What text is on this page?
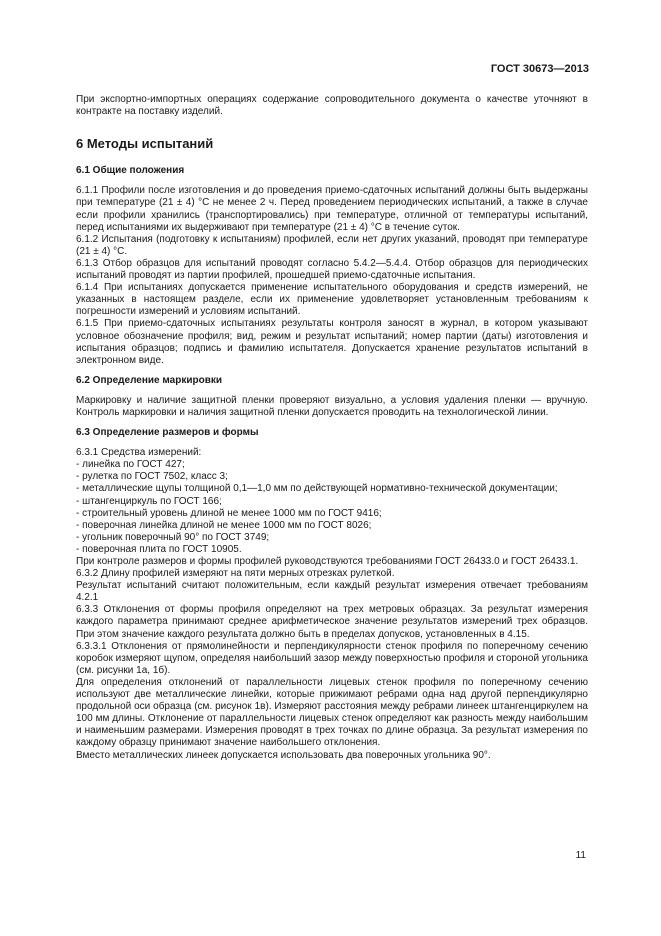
ГОСТ 30673—2013

При экспортно-импортных операциях содержание сопроводительного документа о качестве уточняют в контракте на поставку изделий.

6 Методы испытаний
6.1 Общие положения

6.1.1 Профили после изготовления и до проведения приемо-сдаточных испытаний должны быть выдержаны при температуре (21 ± 4) °С не менее 2 ч. Перед проведением периодических испытаний, а также в случае если профили хранились (транспортировались) при температуре, отличной от температуры испытаний, перед испытаниями их выдерживают при температуре (21 ± 4) °С в течение суток.

6.1.2 Испытания (подготовку к испытаниям) профилей, если нет других указаний, проводят при температуре (21 ± 4) °С.

6.1.3 Отбор образцов для испытаний проводят согласно 5.4.2—5.4.4. Отбор образцов для периодических испытаний проводят из партии профилей, прошедшей приемо-сдаточные испытания.

6.1.4 При испытаниях допускается применение испытательного оборудования и средств измерений, не указанных в настоящем разделе, если их применение удовлетворяет установленным требованиям к погрешности измерений и условиям испытаний.

6.1.5 При приемо-сдаточных испытаниях результаты контроля заносят в журнал, в котором указывают условное обозначение профиля; вид, режим и результат испытаний; номер партии (даты) изготовления и испытания образцов; подпись и фамилию испытателя. Допускается хранение результатов испытаний в электронном виде.

6.2 Определение маркировки

Маркировку и наличие защитной пленки проверяют визуально, а условия удаления пленки — вручную. Контроль маркировки и наличия защитной пленки допускается проводить на технологической линии.

6.3 Определение размеров и формы

6.3.1 Средства измерений:

- линейка по ГОСТ 427;

- рулетка по ГОСТ 7502, класс 3;

- металлические щупы толщиной 0,1—1,0 мм по действующей нормативно-технической документации;

- штангенциркуль по ГОСТ 166;

- строительный уровень длиной не менее 1000 мм по ГОСТ 9416;

- поверочная линейка длиной не менее 1000 мм по ГОСТ 8026;

- угольник поверочный 90° по ГОСТ 3749;

- поверочная плита по ГОСТ 10905.

При контроле размеров и формы профилей руководствуются требованиями ГОСТ 26433.0 и ГОСТ 26433.1.

6.3.2 Длину профилей измеряют на пяти мерных отрезках рулеткой.

Результат испытаний считают положительным, если каждый результат измерения отвечает требованиям 4.2.1

6.3.3 Отклонения от формы профиля определяют на трех метровых образцах. За результат измерения каждого параметра принимают среднее арифметическое значение результатов измерений трех образцов. При этом значение каждого результата должно быть в пределах допусков, установленных в 4.15.

6.3.3.1 Отклонения от прямолинейности и перпендикулярности стенок профиля по поперечному сечению коробок измеряют щупом, определяя наибольший зазор между поверхностью профиля и стороной угольника (см. рисунки 1а, 1б).

Для определения отклонений от параллельности лицевых стенок профиля по поперечному сечению используют две металлические линейки, которые прижимают ребрами одна над другой перпендикулярно продольной оси образца (см. рисунок 1в). Измеряют расстояния между ребрами линеек штангенциркулем на 100 мм длины. Отклонение от параллельности лицевых стенок определяют как разность между наибольшим и наименьшим размерами. Измерения проводят в трех точках по длине образца. За результат измерения по каждому образцу принимают значение наибольшего отклонения.

Вместо металлических линеек допускается использовать два поверочных угольника 90°.

11
